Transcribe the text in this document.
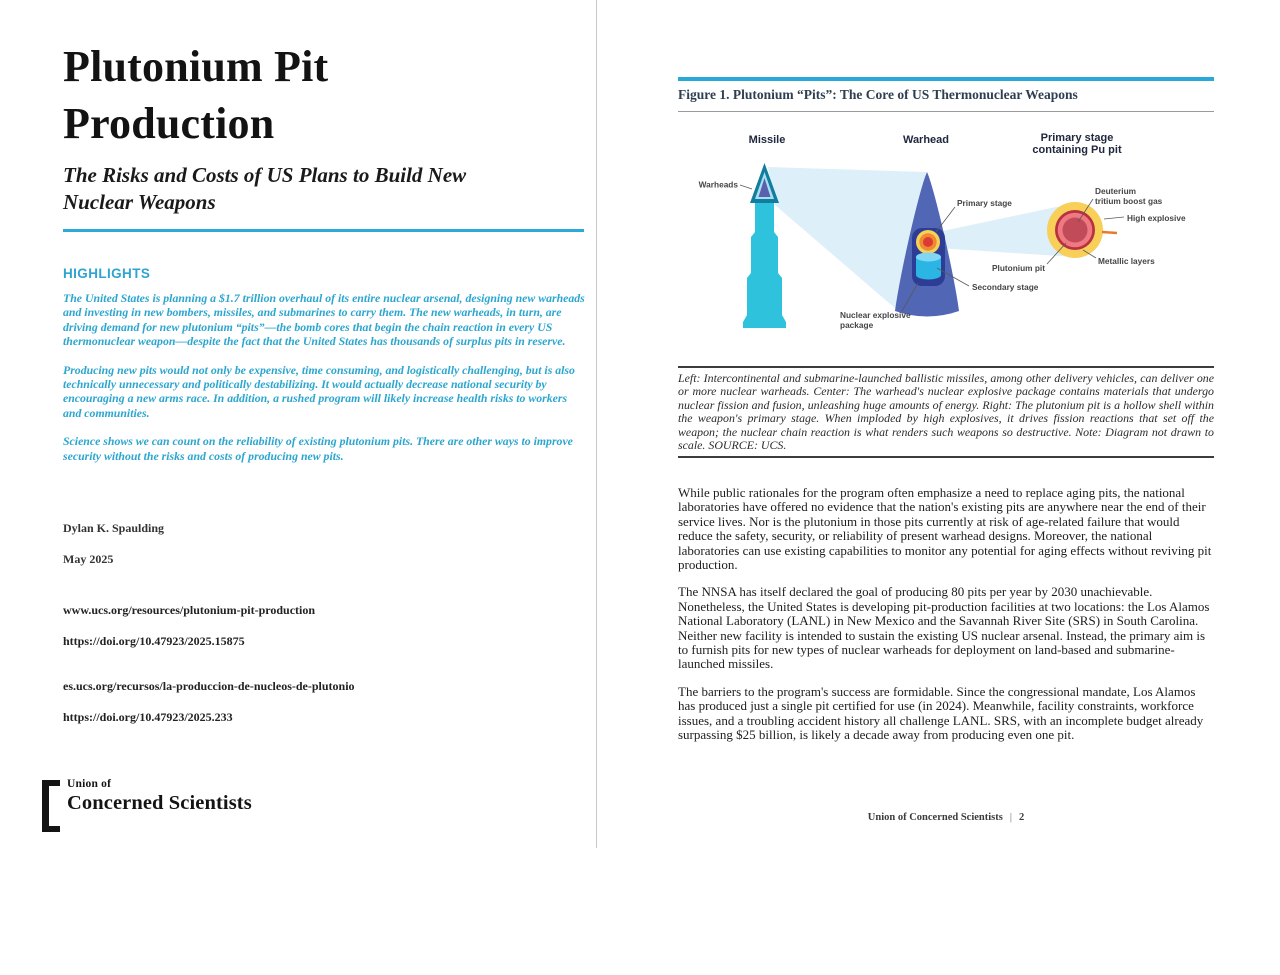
Plutonium Pit
Production
The Risks and Costs of US Plans to Build New
Nuclear Weapons
HIGHLIGHTS

The United States is planning a $1.7 trillion overhaul of its entire nuclear arsenal, designing new warheads and investing in new bombers, missiles, and submarines to carry them. The new warheads, in turn, are driving demand for new plutonium “pits”—the bomb cores that begin the chain reaction in every US thermonuclear weapon—despite the fact that the United States has thousands of surplus pits in reserve.

Producing new pits would not only be expensive, time consuming, and logistically challenging, but is also technically unnecessary and politically destabilizing. It would actually decrease national security by encouraging a new arms race. In addition, a rushed program will likely increase health risks to workers and communities.

Science shows we can count on the reliability of existing plutonium pits. There are other ways to improve security without the risks and costs of producing new pits.

Dylan K. Spaulding
May 2025
www.ucs.org/resources/plutonium-pit-production
https://doi.org/10.47923/2025.15875
es.ucs.org/recursos/la-produccion-de-nucleos-de-plutonio
https://doi.org/10.47923/2025.233
Union of
Concerned Scientists
Figure 1. Plutonium “Pits”: The Core of US Thermonuclear Weapons
Missile	Warhead	Primary stage
containing Pu pit
Warheads
Primary stage
Secondary stage
Nuclear explosive
package
Deuterium
tritium boost gas
High explosive
Metallic layers
Plutonium pit
Left: Intercontinental and submarine-launched ballistic missiles, among other delivery vehicles, can deliver one or more nuclear warheads. Center: The warhead's nuclear explosive package contains materials that undergo nuclear fission and fusion, unleashing huge amounts of energy. Right: The plutonium pit is a hollow shell within the weapon's primary stage. When imploded by high explosives, it drives fission reactions that set off the weapon; the nuclear chain reaction is what renders such weapons so destructive. Note: Diagram not drawn to scale. SOURCE: UCS.

While public rationales for the program often emphasize a need to replace aging pits, the national laboratories have offered no evidence that the nation's existing pits are anywhere near the end of their service lives. Nor is the plutonium in those pits currently at risk of age-related failure that would reduce the safety, security, or reliability of present warhead designs. Moreover, the national laboratories can use existing capabilities to monitor any potential for aging effects without reviving pit production.

The NNSA has itself declared the goal of producing 80 pits per year by 2030 unachievable. Nonetheless, the United States is developing pit-production facilities at two locations: the Los Alamos National Laboratory (LANL) in New Mexico and the Savannah River Site (SRS) in South Carolina. Neither new facility is intended to sustain the existing US nuclear arsenal. Instead, the primary aim is to furnish pits for new types of nuclear warheads for deployment on land-based and submarine-launched missiles.

The barriers to the program's success are formidable. Since the congressional mandate, Los Alamos has produced just a single pit certified for use (in 2024). Meanwhile, facility constraints, workforce issues, and a troubling accident history all challenge LANL. SRS, with an incomplete budget already surpassing $25 billion, is likely a decade away from producing even one pit.

Union of Concerned Scientists | 2
